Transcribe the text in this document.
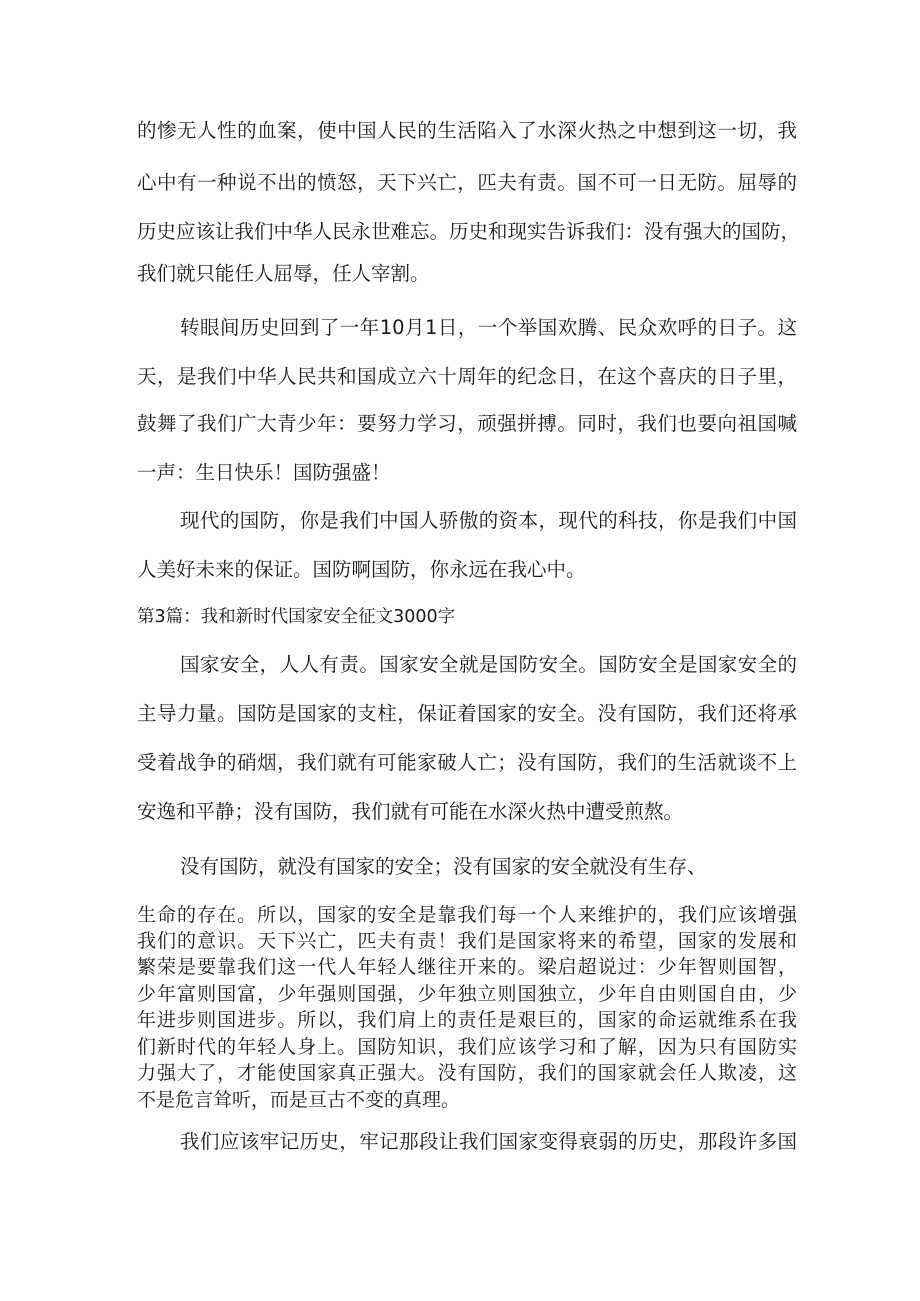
的惨无人性的血案，使中国人民的生活陷入了水深火热之中想到这一切，我
心中有一种说不出的愤怒，天下兴亡，匹夫有责。国不可一日无防。屈辱的
历史应该让我们中华人民永世难忘。历史和现实告诉我们：没有强大的国防，
我们就只能任人屈辱，任人宰割。
转眼间历史回到了一年10月1日，一个举国欢腾、民众欢呼的日子。这
天，是我们中华人民共和国成立六十周年的纪念日，在这个喜庆的日子里，
鼓舞了我们广大青少年：要努力学习，顽强拼搏。同时，我们也要向祖国喊
一声：生日快乐！国防强盛！
现代的国防，你是我们中国人骄傲的资本，现代的科技，你是我们中国
人美好未来的保证。国防啊国防，你永远在我心中。
第3篇：我和新时代国家安全征文3000字
国家安全，人人有责。国家安全就是国防安全。国防安全是国家安全的
主导力量。国防是国家的支柱，保证着国家的安全。没有国防，我们还将承
受着战争的硝烟，我们就有可能家破人亡；没有国防，我们的生活就谈不上
安逸和平静；没有国防，我们就有可能在水深火热中遭受煎熬。
没有国防，就没有国家的安全；没有国家的安全就没有生存、
生命的存在。所以，国家的安全是靠我们每一个人来维护的，我们应该增强
我们的意识。天下兴亡，匹夫有责！我们是国家将来的希望，国家的发展和
繁荣是要靠我们这一代人年轻人继往开来的。梁启超说过：少年智则国智，
少年富则国富，少年强则国强，少年独立则国独立，少年自由则国自由，少
年进步则国进步。所以，我们肩上的责任是艰巨的，国家的命运就维系在我
们新时代的年轻人身上。国防知识，我们应该学习和了解，因为只有国防实
力强大了，才能使国家真正强大。没有国防，我们的国家就会任人欺凌，这
不是危言耸听，而是亘古不变的真理。
我们应该牢记历史，牢记那段让我们国家变得衰弱的历史，那段许多国
